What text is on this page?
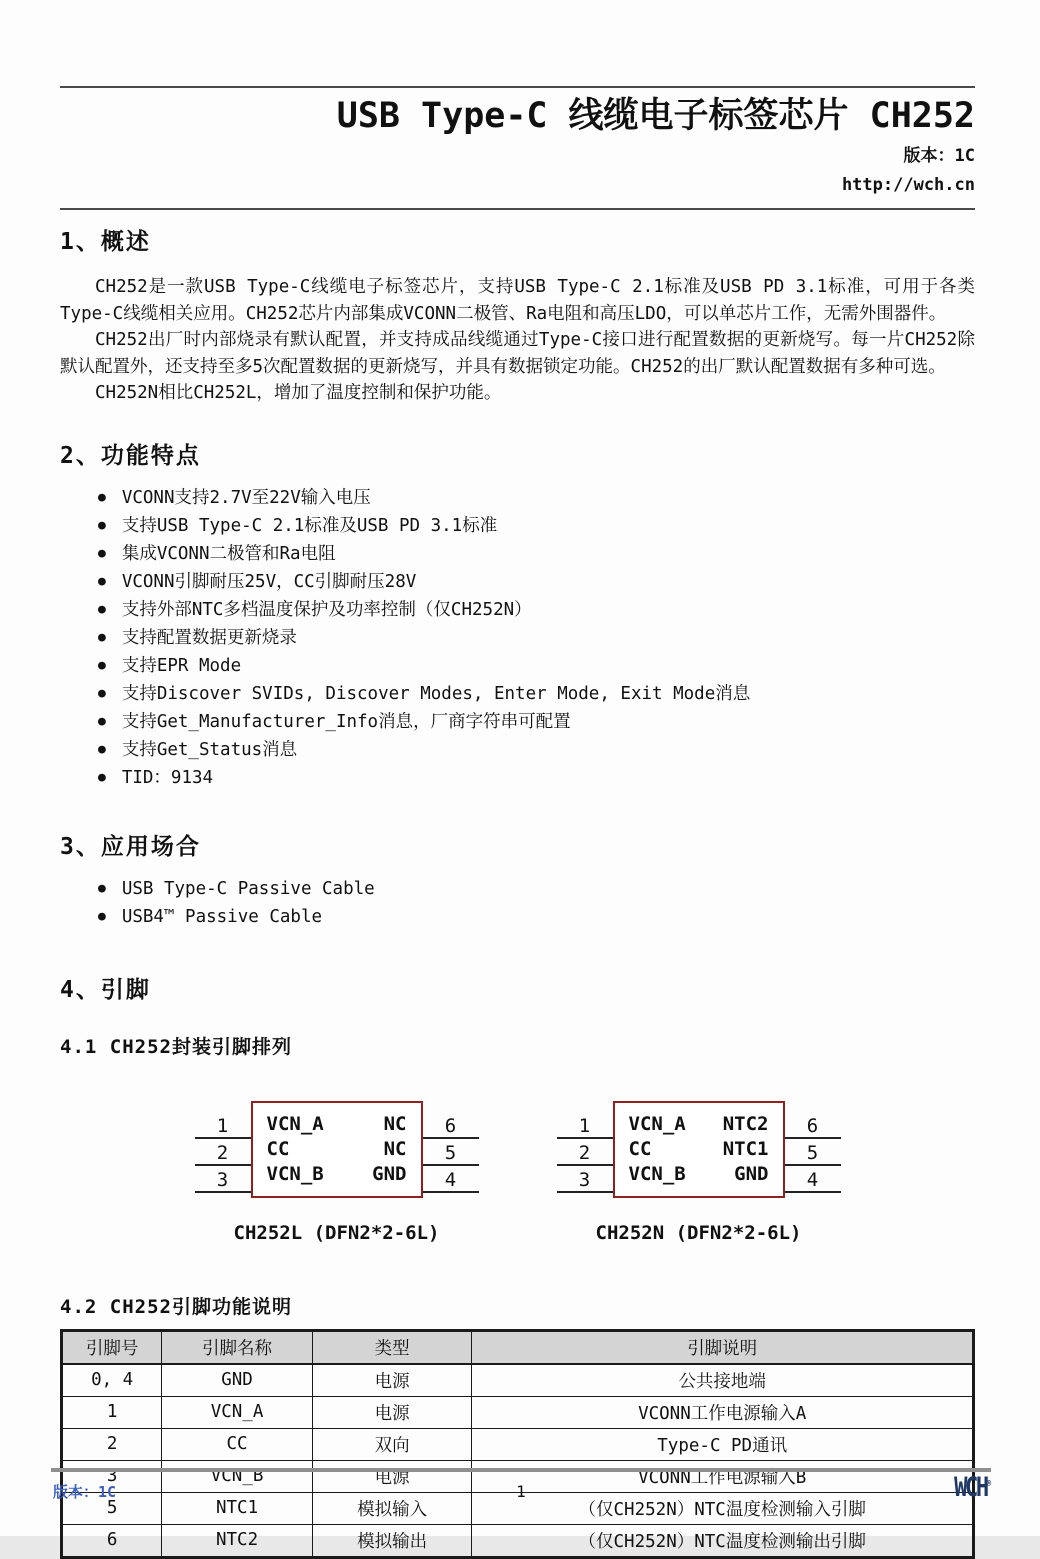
USB Type-C 线缆电子标签芯片 CH252
版本：1C
http://wch.cn
1、概述

CH252是一款USB Type-C线缆电子标签芯片，支持USB Type-C 2.1标准及USB PD 3.1标准，可用于各类Type-C线缆相关应用。CH252芯片内部集成VCONN二极管、Ra电阻和高压LDO，可以单芯片工作，无需外围器件。

CH252出厂时内部烧录有默认配置，并支持成品线缆通过Type-C接口进行配置数据的更新烧写。每一片CH252除默认配置外，还支持至多5次配置数据的更新烧写，并具有数据锁定功能。CH252的出厂默认配置数据有多种可选。

CH252N相比CH252L，增加了温度控制和保护功能。

2、功能特点
● VCONN支持2.7V至22V输入电压
● 支持USB Type-C 2.1标准及USB PD 3.1标准
● 集成VCONN二极管和Ra电阻
● VCONN引脚耐压25V，CC引脚耐压28V
● 支持外部NTC多档温度保护及功率控制（仅CH252N）
● 支持配置数据更新烧录
● 支持EPR Mode
● 支持Discover SVIDs, Discover Modes, Enter Mode, Exit Mode消息
● 支持Get_Manufacturer_Info消息，厂商字符串可配置
● 支持Get_Status消息
● TID：9134
3、应用场合
● USB Type-C Passive Cable
● USB4™ Passive Cable
4、引脚
4.1 CH252封装引脚排列
1
2
3
VCN_A	NC
CC	NC
VCN_B	GND
6
5
4
CH252L (DFN2*2-6L)
1
2
3
VCN_A NTC2
CC	NTC1
VCN_B	GND
6
5
4
CH252N (DFN2*2-6L)
4.2 CH252引脚功能说明
引脚号	引脚名称	类型	引脚说明
0, 4	GND	电源	公共接地端
1	VCN_A	电源	VCONN工作电源输入A
2	CC	双向	Type-C PD通讯
3	VCN_B	电源	VCONN工作电源输入B
5	NTC1	模拟输入	（仅CH252N）NTC温度检测输入引脚
6	NTC2	模拟输出	（仅CH252N）NTC温度检测输出引脚
版本：1C	1	WCH®
